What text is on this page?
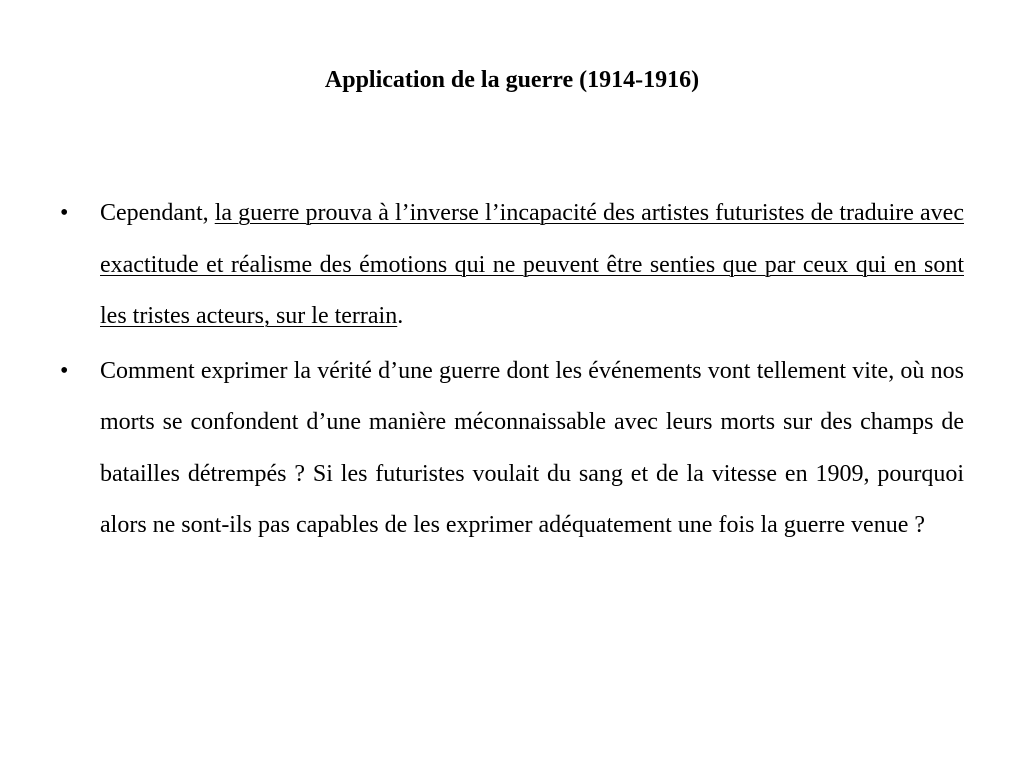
Application de la guerre (1914-1916)
•	Cependant, la guerre prouva à l’inverse l’incapacité des artistes futuristes de traduire avec exactitude et réalisme des émotions qui ne peuvent être senties que par ceux qui en sont les tristes acteurs, sur le terrain.
•	Comment exprimer la vérité d’une guerre dont les événements vont tellement vite, où nos morts se confondent d’une manière méconnaissable avec leurs morts sur des champs de batailles détrempés ? Si les futuristes voulait du sang et de la vitesse en 1909, pourquoi alors ne sont-ils pas capables de les exprimer adéquatement une fois la guerre venue ?
